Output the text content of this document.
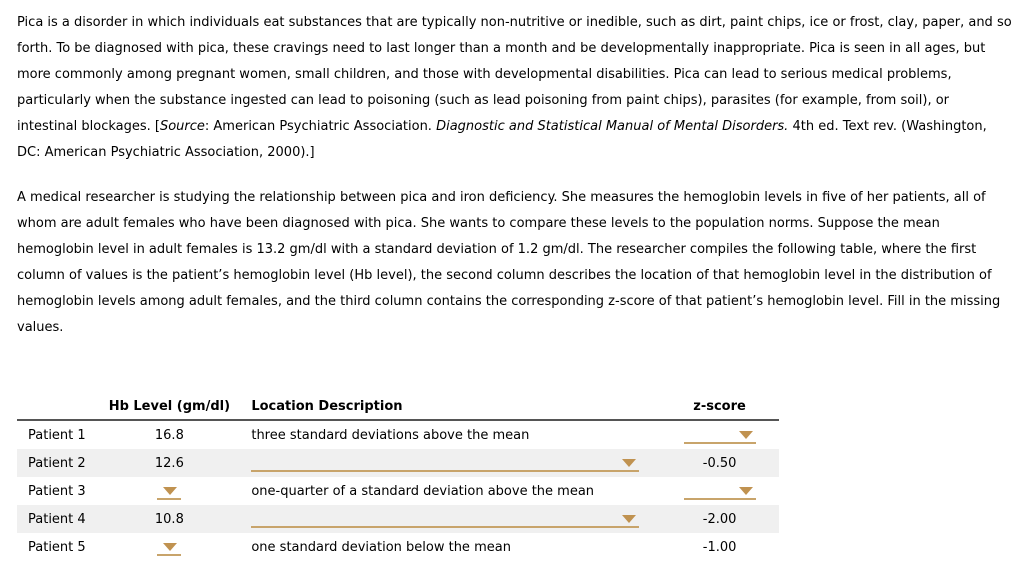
Pica is a disorder in which individuals eat substances that are typically non-nutritive or inedible, such as dirt, paint chips, ice or frost, clay, paper, and so forth. To be diagnosed with pica, these cravings need to last longer than a month and be developmentally inappropriate. Pica is seen in all ages, but more commonly among pregnant women, small children, and those with developmental disabilities. Pica can lead to serious medical problems, particularly when the substance ingested can lead to poisoning (such as lead poisoning from paint chips), parasites (for example, from soil), or intestinal blockages. [Source: American Psychiatric Association. Diagnostic and Statistical Manual of Mental Disorders. 4th ed. Text rev. (Washington, DC: American Psychiatric Association, 2000).]

A medical researcher is studying the relationship between pica and iron deficiency. She measures the hemoglobin levels in five of her patients, all of whom are adult females who have been diagnosed with pica. She wants to compare these levels to the population norms. Suppose the mean hemoglobin level in adult females is 13.2 gm/dl with a standard deviation of 1.2 gm/dl. The researcher compiles the following table, where the first column of values is the patient’s hemoglobin level (Hb level), the second column describes the location of that hemoglobin level in the distribution of hemoglobin levels among adult females, and the third column contains the corresponding z-score of that patient’s hemoglobin level. Fill in the missing values.

	Hb Level (gm/dl)	Location Description	z-score
Patient 1	16.8	three standard deviations above the mean	

Patient 2	12.6		-0.50
Patient 3		one-quarter of a standard deviation above the mean	

Patient 4	10.8		-2.00
Patient 5		one standard deviation below the mean	-1.00
